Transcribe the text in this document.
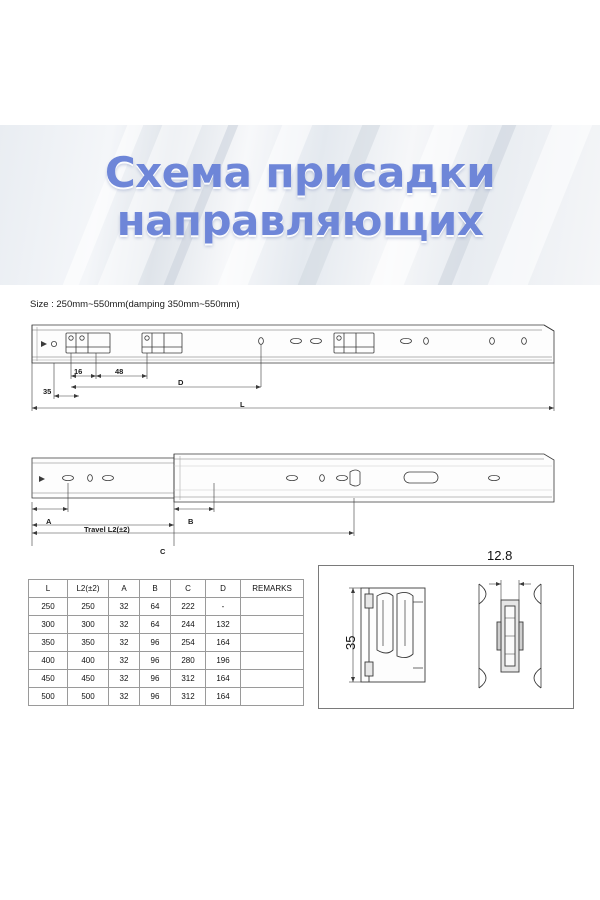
Схема присадки
направляющих
Size : 250mm~550mm(damping 350mm~550mm)
16	48
35
D
L
A	B
Travel L2(±2)
C
L	L2(±2)	A	B	C	D	REMARKS
250	250	32	64	222	-	
300	300	32	64	244	132	
350	350	32	96	254	164	
400	400	32	96	280	196	
450	450	32	96	312	164	
500	500	32	96	312	164	
12.8
35
